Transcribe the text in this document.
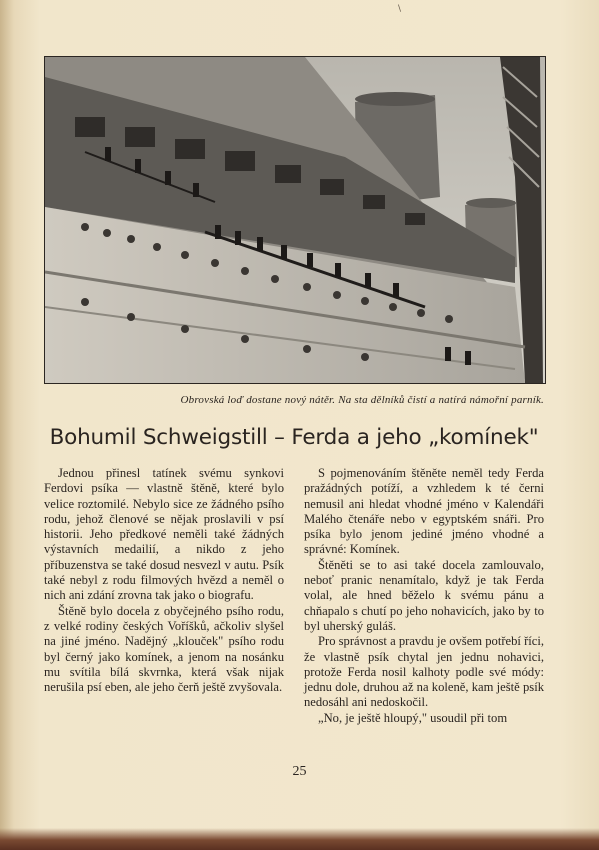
\
Obrovská loď dostane nový nátěr. Na sta dělníků čistí a natírá námořní parník.
Bohumil Schweigstill – Ferda a jeho „komínek"

Jednou přinesl tatínek svému synkovi Ferdovi psíka — vlastně štěně, které bylo velice roztomilé. Nebylo sice ze žádného psího rodu, jehož členové se nějak proslavili v psí historii. Jeho předkové neměli také žádných výstavních medailií, a nikdo z jeho příbuzenstva se také dosud nesvezl v autu. Psík také nebyl z rodu filmových hvězd a neměl o nich ani zdání zrovna tak jako o biografu.

Štěně bylo docela z obyčejného psího rodu, z velké rodiny českých Voříšků, ačkoliv slyšel na jiné jméno. Nadějný „klouček" psího rodu byl černý jako komínek, a jenom na nosánku mu svítila bílá skvrnka, která však nijak nerušila psí eben, ale jeho čerň ještě zvyšovala.

S pojmenováním štěněte neměl tedy Ferda pražádných potíží, a vzhledem k té černi nemusil ani hledat vhodné jméno v Kalendáři Malého čtenáře nebo v egyptském snáři. Pro psíka bylo jenom jediné jméno vhodné a správné: Komínek.

Štěněti se to asi také docela zamlouvalo, neboť pranic nenamítalo, když je tak Ferda volal, ale hned běželo k svému pánu a chňapalo s chutí po jeho nohavicích, jako by to byl uherský guláš.

Pro správnost a pravdu je ovšem potřebí říci, že vlastně psík chytal jen jednu nohavici, protože Ferda nosil kalhoty podle své módy: jednu dole, druhou až na koleně, kam ještě psík nedosáhl ani nedoskočil.

„No, je ještě hloupý," usoudil při tom

25
